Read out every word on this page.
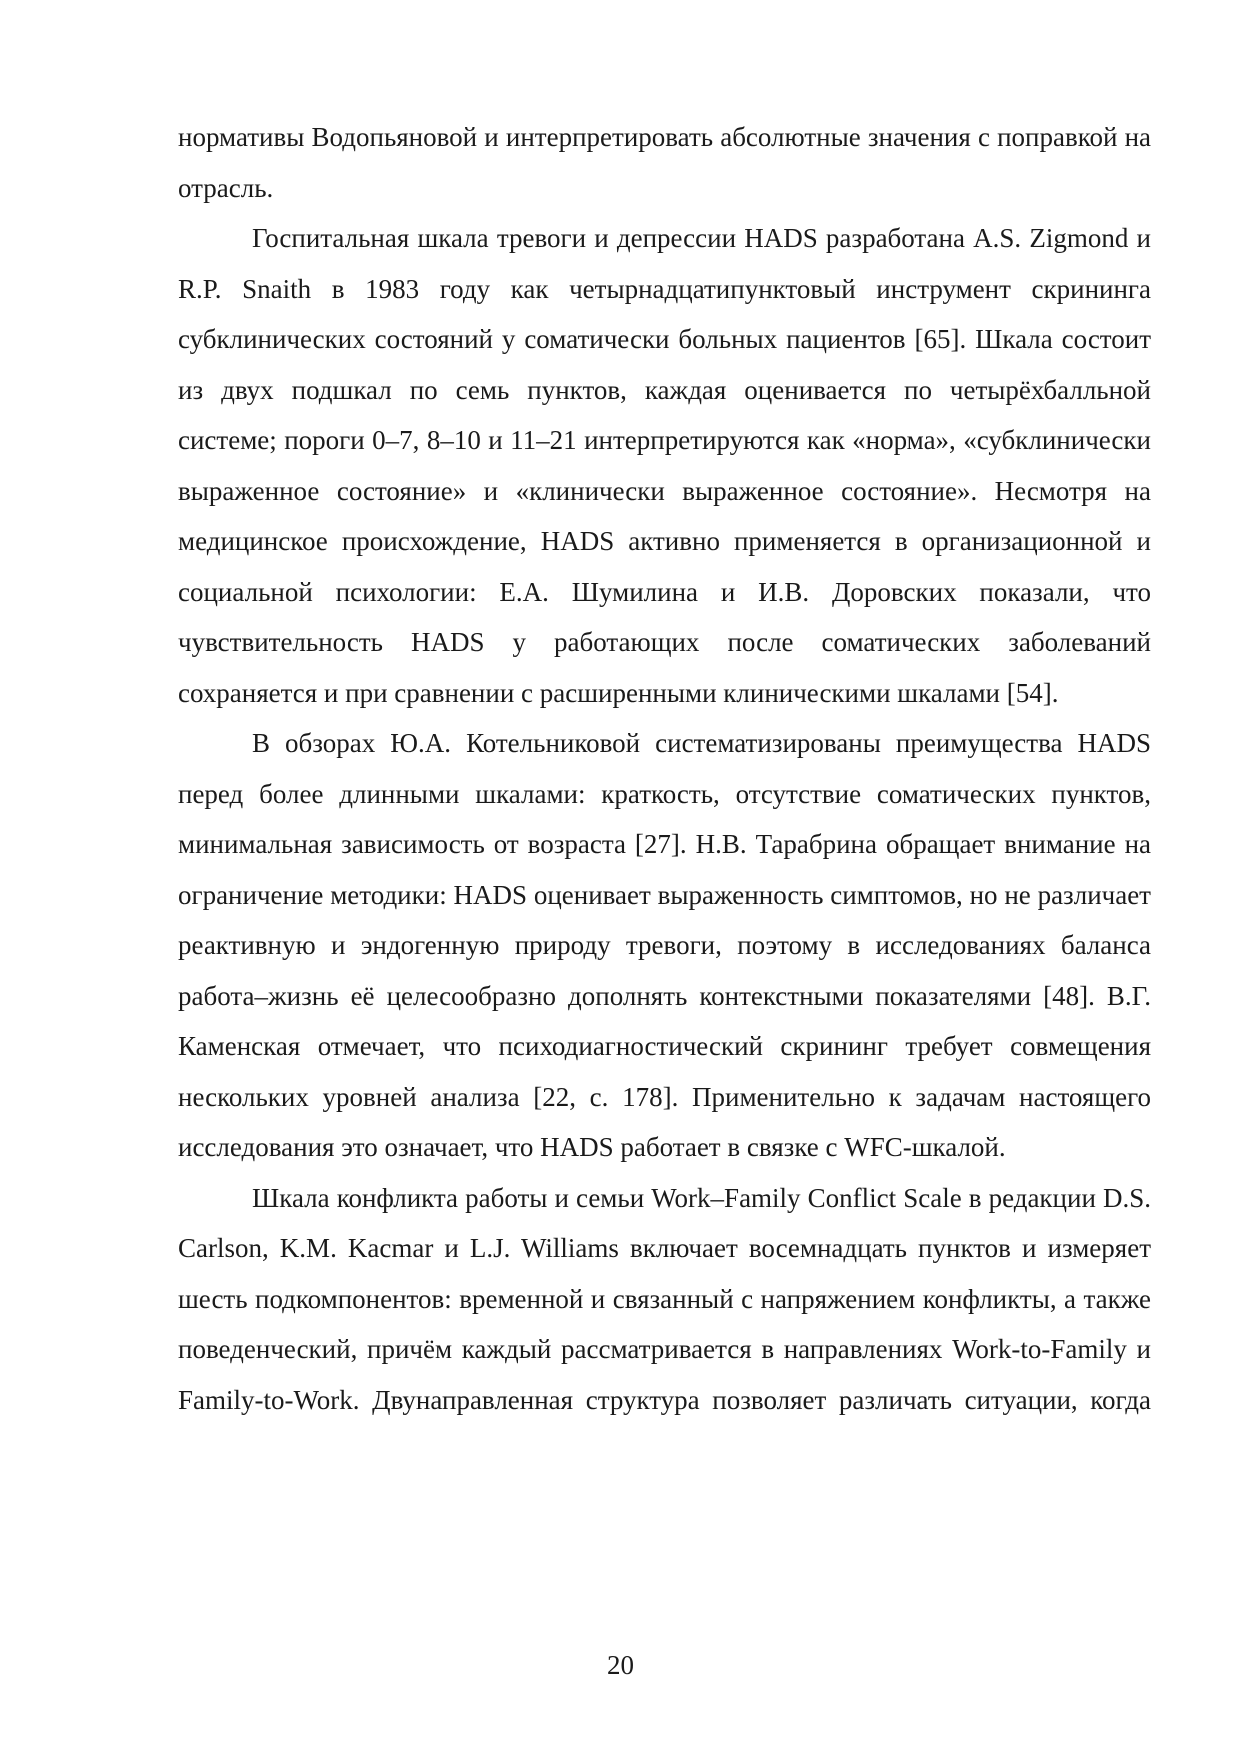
нормативы Водопьяновой и интерпретировать абсолютные значения с поправкой на отрасль.

Госпитальная шкала тревоги и депрессии HADS разработана A.S. Zigmond и R.P. Snaith в 1983 году как четырнадцатипунктовый инструмент скрининга субклинических состояний у соматически больных пациентов [65]. Шкала состоит из двух подшкал по семь пунктов, каждая оценивается по четырёхбалльной системе; пороги 0–7, 8–10 и 11–21 интерпретируются как «норма», «субклинически выраженное состояние» и «клинически выраженное состояние». Несмотря на медицинское происхождение, HADS активно применяется в организационной и социальной психологии: Е.А. Шумилина и И.В. Доровских показали, что чувствительность HADS у работающих после соматических заболеваний сохраняется и при сравнении с расширенными клиническими шкалами [54].

В обзорах Ю.А. Котельниковой систематизированы преимущества HADS перед более длинными шкалами: краткость, отсутствие соматических пунктов, минимальная зависимость от возраста [27]. Н.В. Тарабрина обращает внимание на ограничение методики: HADS оценивает выраженность симптомов, но не различает реактивную и эндогенную природу тревоги, поэтому в исследованиях баланса работа–жизнь её целесообразно дополнять контекстными показателями [48]. В.Г. Каменская отмечает, что психодиагностический скрининг требует совмещения нескольких уровней анализа [22, с. 178]. Применительно к задачам настоящего исследования это означает, что HADS работает в связке с WFC-шкалой.

Шкала конфликта работы и семьи Work–Family Conflict Scale в редакции D.S. Carlson, K.M. Kacmar и L.J. Williams включает восемнадцать пунктов и измеряет шесть подкомпонентов: временной и связанный с напряжением конфликты, а также поведенческий, причём каждый рассматривается в направлениях Work-to-Family и Family-to-Work. Двунаправленная структура позволяет различать ситуации, когда

20
